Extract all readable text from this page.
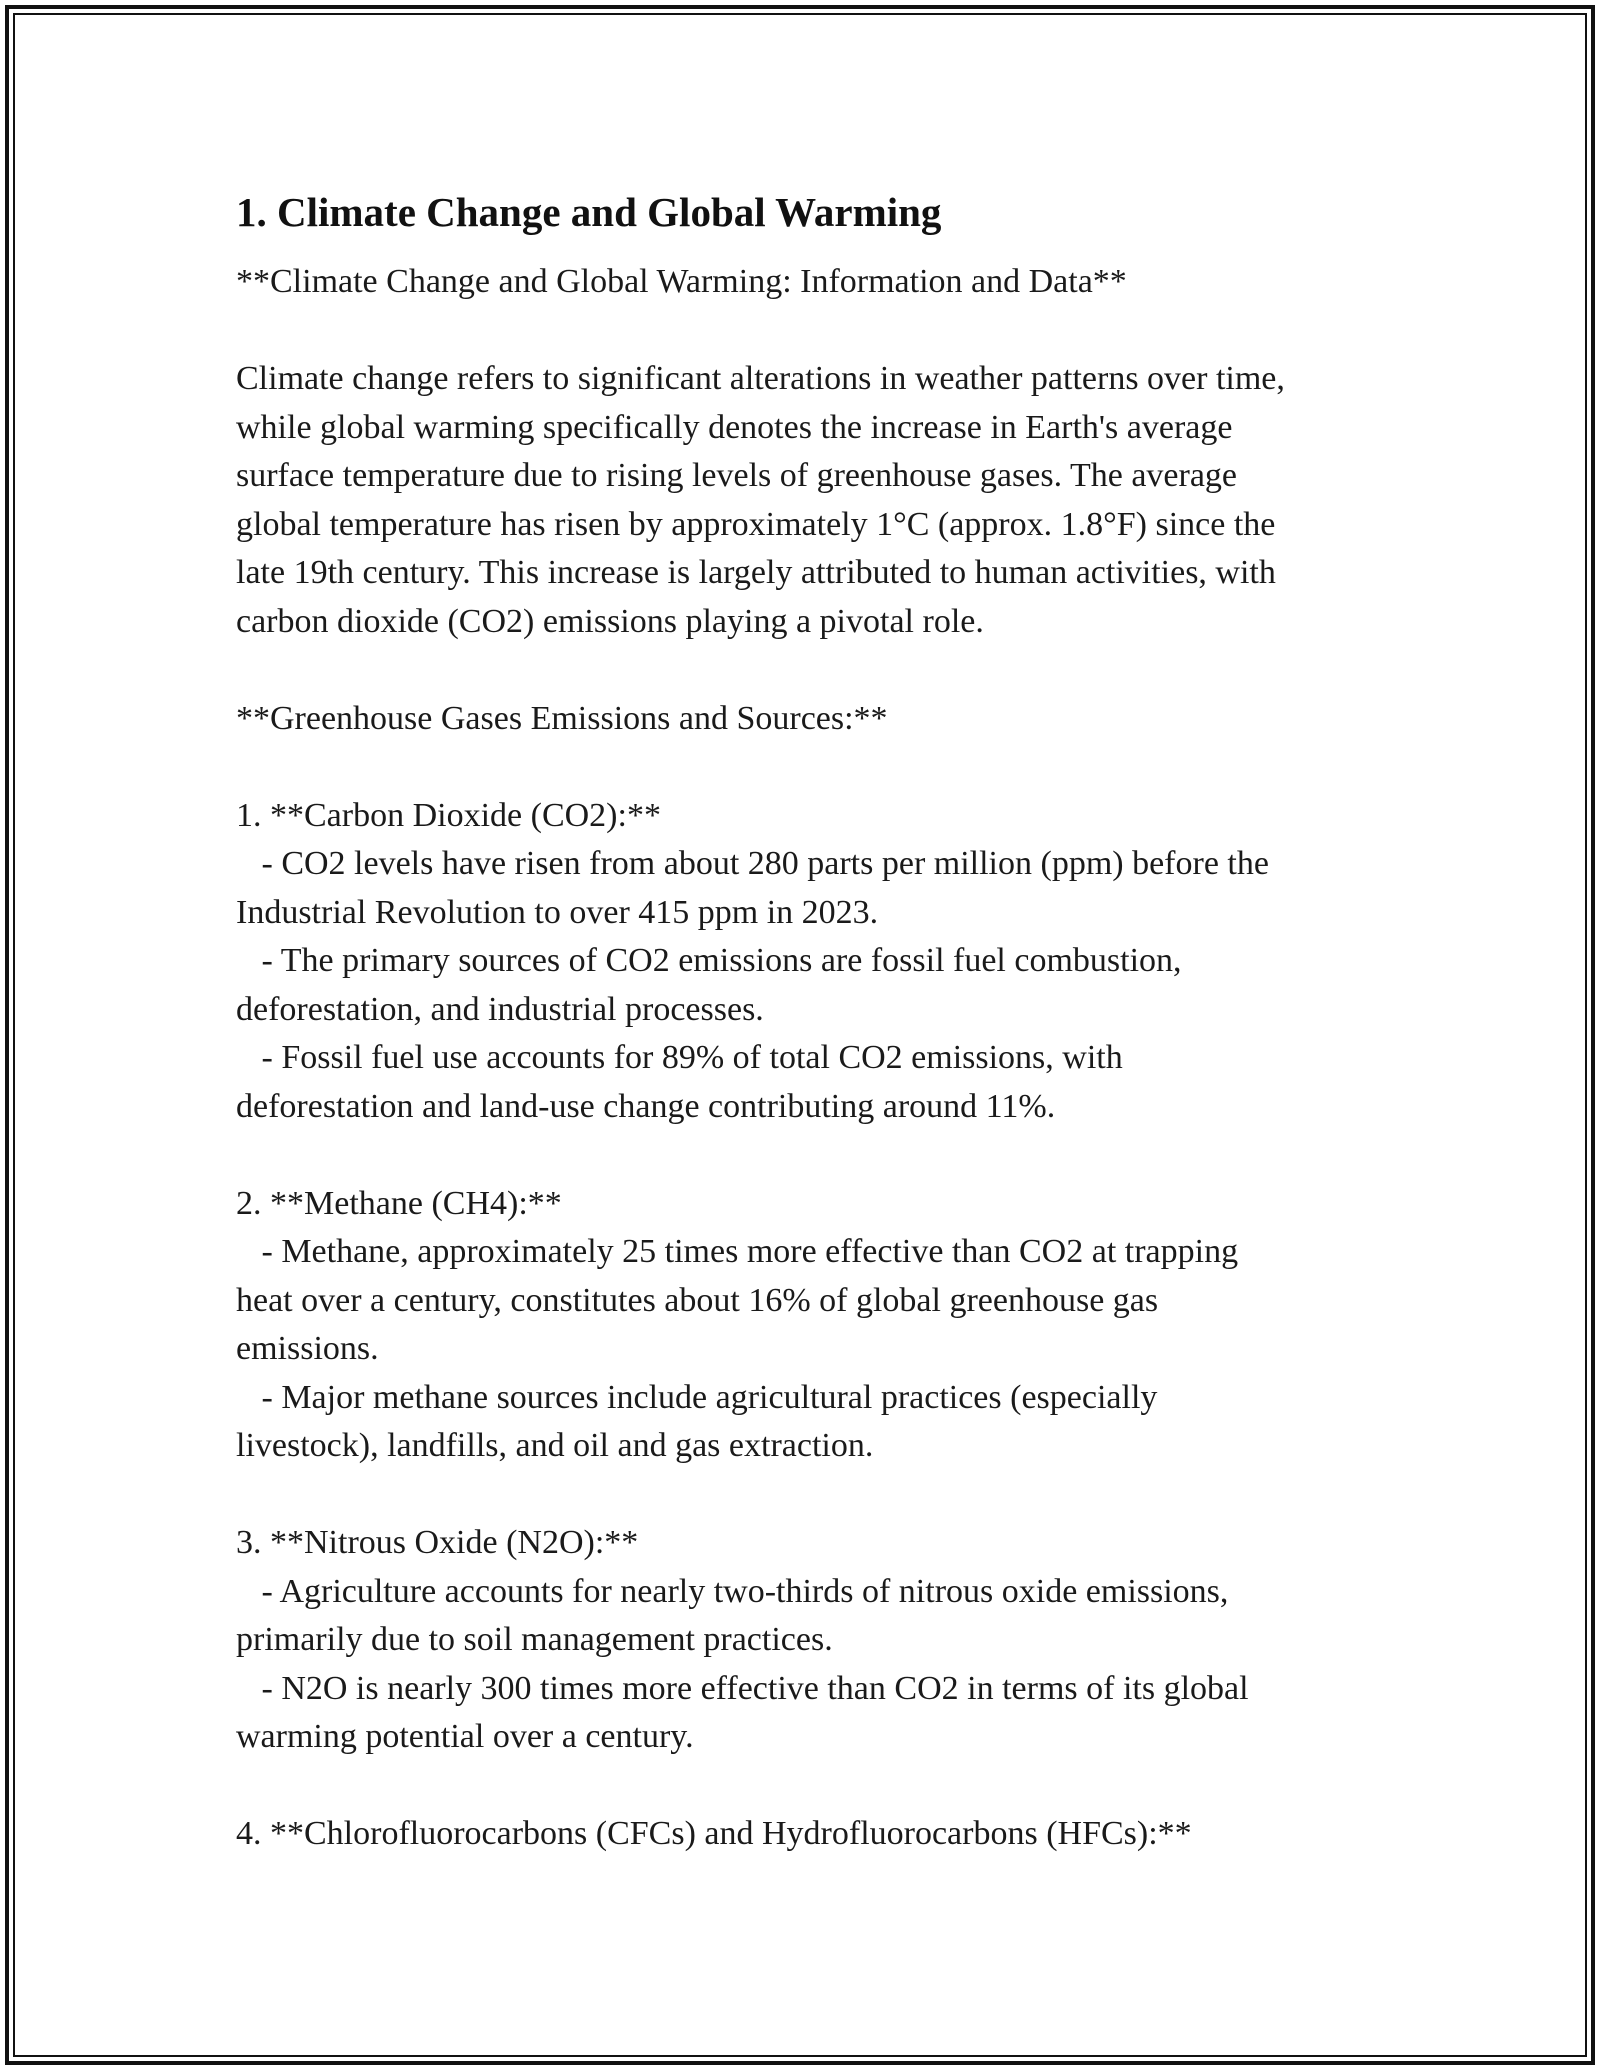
1. Climate Change and Global Warming
**Climate Change and Global Warming: Information and Data**
Climate change refers to significant alterations in weather patterns over time,
while global warming specifically denotes the increase in Earth's average
surface temperature due to rising levels of greenhouse gases. The average
global temperature has risen by approximately 1°C (approx. 1.8°F) since the
late 19th century. This increase is largely attributed to human activities, with
carbon dioxide (CO2) emissions playing a pivotal role.
**Greenhouse Gases Emissions and Sources:**
1. **Carbon Dioxide (CO2):**
- CO2 levels have risen from about 280 parts per million (ppm) before the
Industrial Revolution to over 415 ppm in 2023.
- The primary sources of CO2 emissions are fossil fuel combustion,
deforestation, and industrial processes.
- Fossil fuel use accounts for 89% of total CO2 emissions, with
deforestation and land-use change contributing around 11%.
2. **Methane (CH4):**
- Methane, approximately 25 times more effective than CO2 at trapping
heat over a century, constitutes about 16% of global greenhouse gas
emissions.
- Major methane sources include agricultural practices (especially
livestock), landfills, and oil and gas extraction.
3. **Nitrous Oxide (N2O):**
- Agriculture accounts for nearly two-thirds of nitrous oxide emissions,
primarily due to soil management practices.
- N2O is nearly 300 times more effective than CO2 in terms of its global
warming potential over a century.
4. **Chlorofluorocarbons (CFCs) and Hydrofluorocarbons (HFCs):**
